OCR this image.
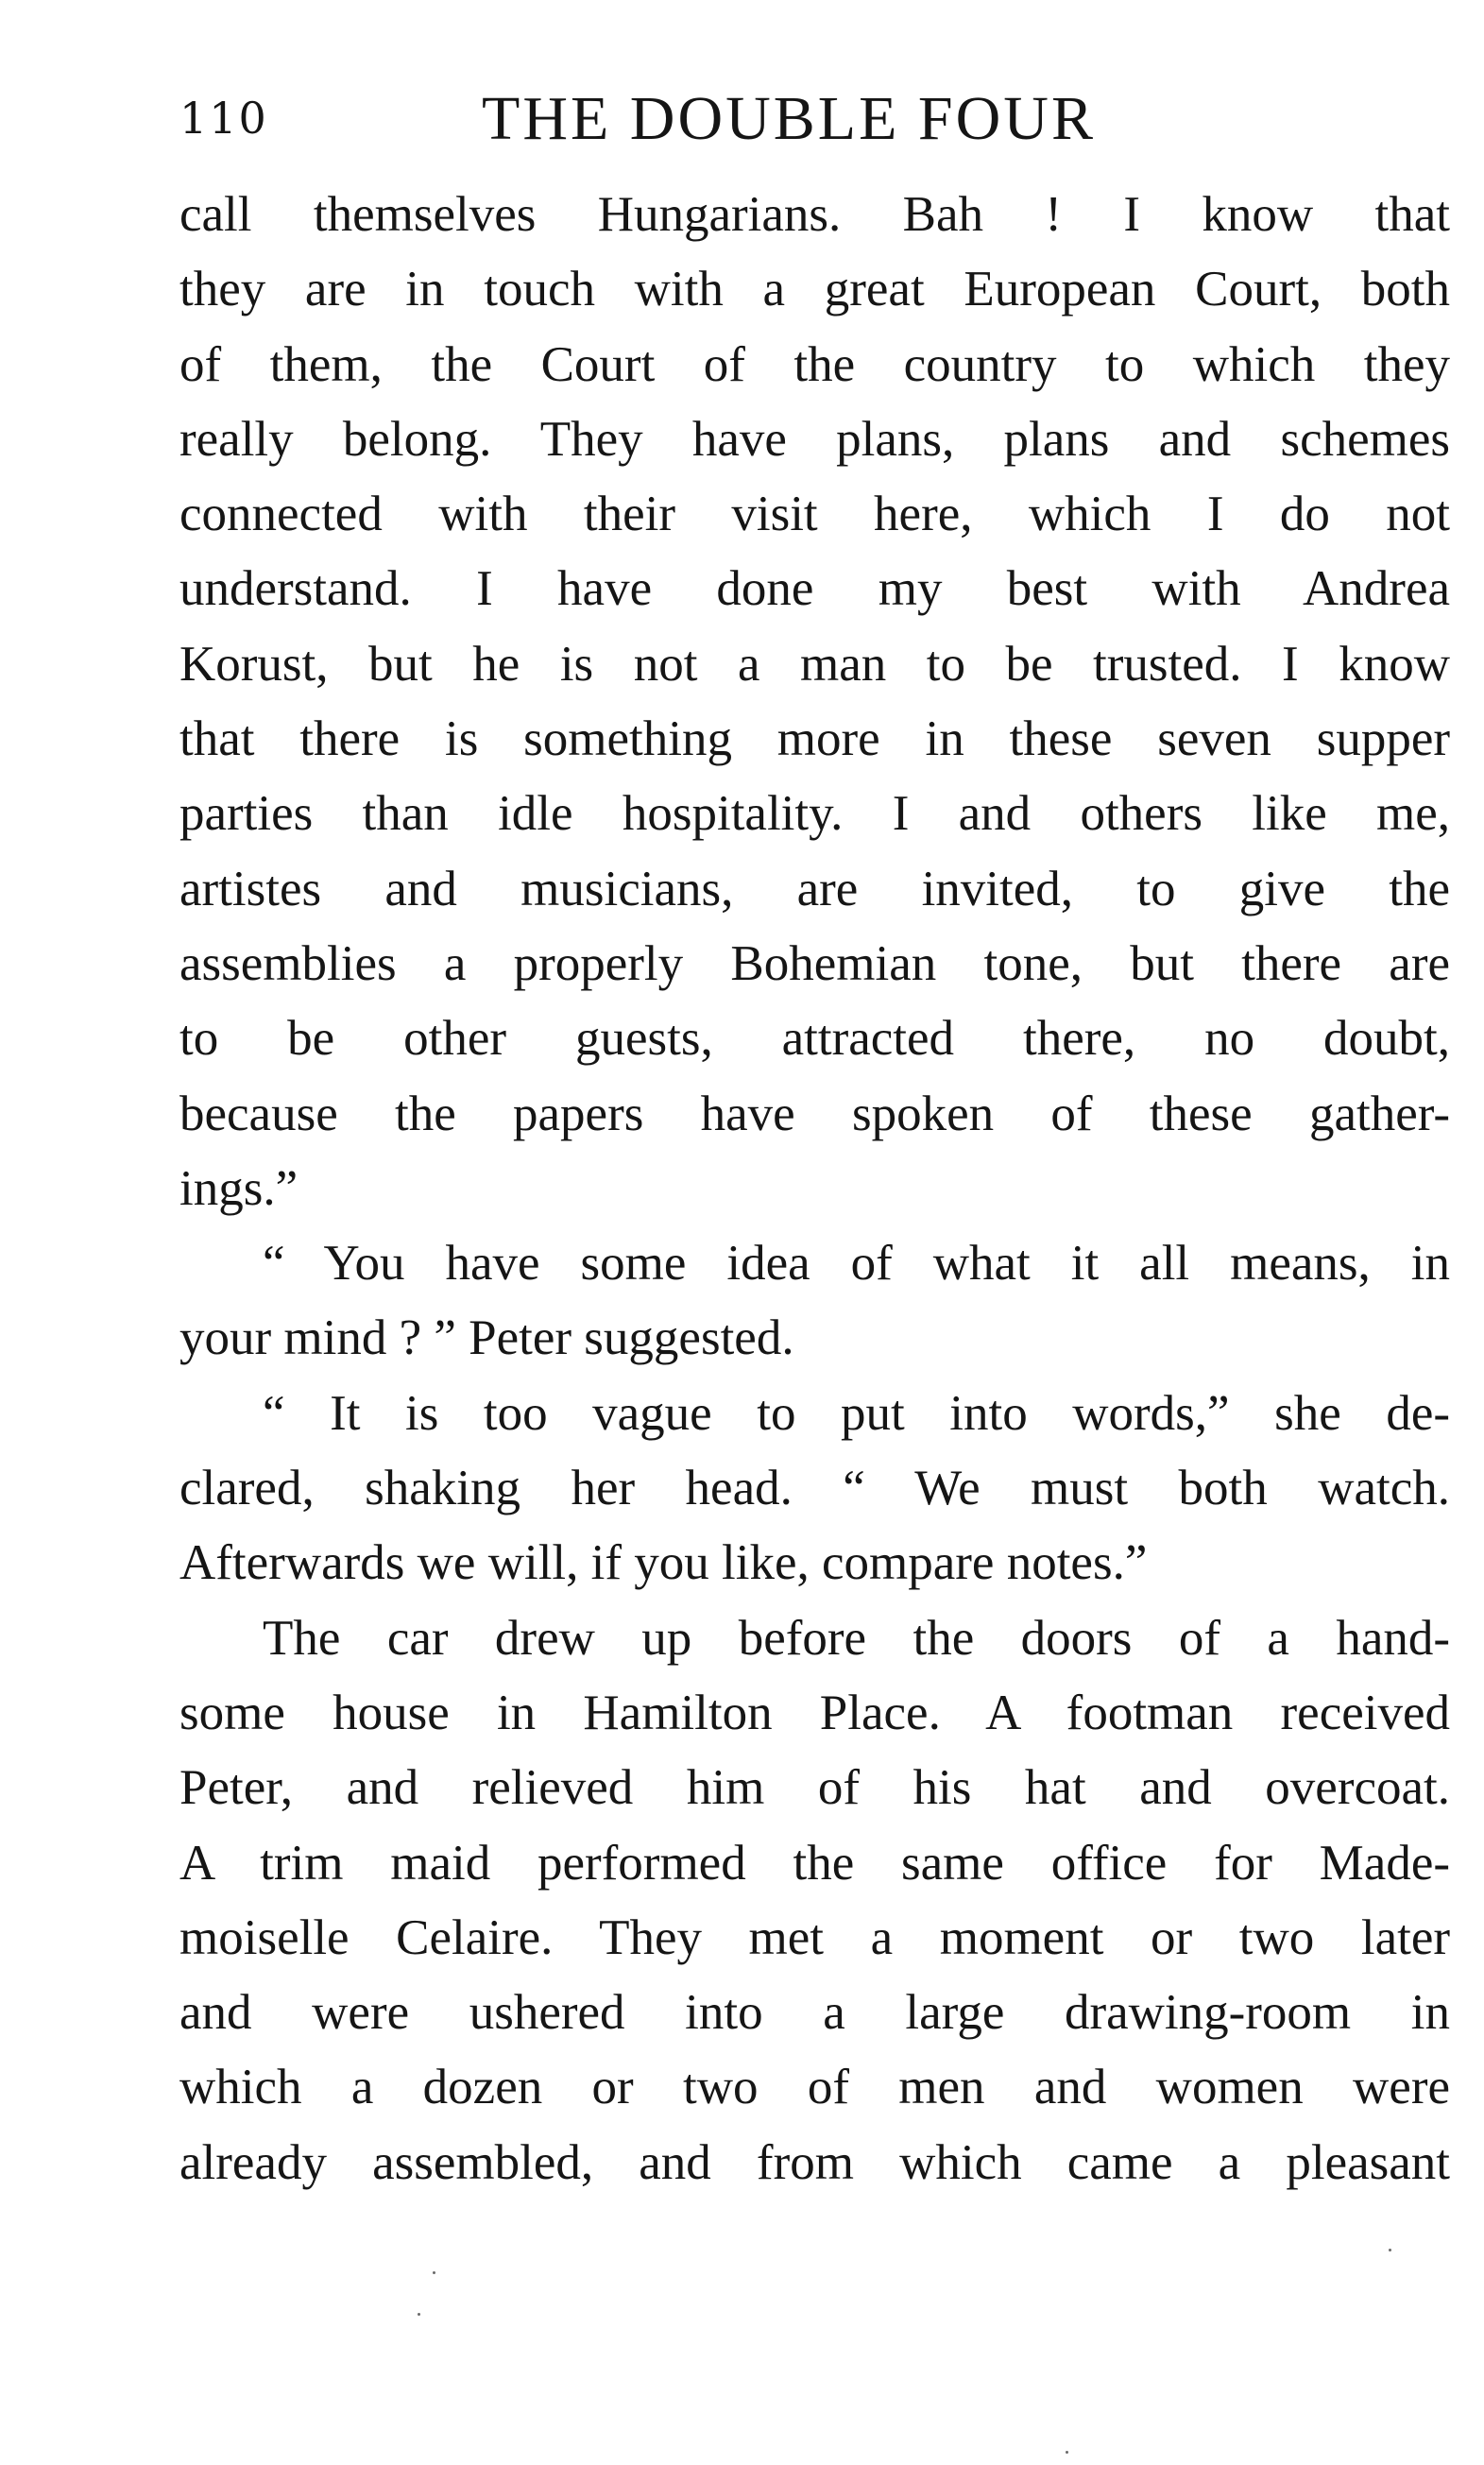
110	THE DOUBLE FOUR
call themselves Hungarians. Bah ! I know that
they are in touch with a great European Court, both
of them, the Court of the country to which they
really belong. They have plans, plans and schemes
connected with their visit here, which I do not
understand. I have done my best with Andrea
Korust, but he is not a man to be trusted. I know
that there is something more in these seven supper
parties than idle hospitality. I and others like me,
artistes and musicians, are invited, to give the
assemblies a properly Bohemian tone, but there are
to be other guests, attracted there, no doubt,
because the papers have spoken of these gather-
ings.”
“ You have some idea of what it all means, in
your mind ? ” Peter suggested.
“ It is too vague to put into words,” she de-
clared, shaking her head. “ We must both watch.
Afterwards we will, if you like, compare notes.”
The car drew up before the doors of a hand-
some house in Hamilton Place. A footman received
Peter, and relieved him of his hat and overcoat.
A trim maid performed the same office for Made-
moiselle Celaire. They met a moment or two later
and were ushered into a large drawing-room in
which a dozen or two of men and women were
already assembled, and from which came a pleasant
